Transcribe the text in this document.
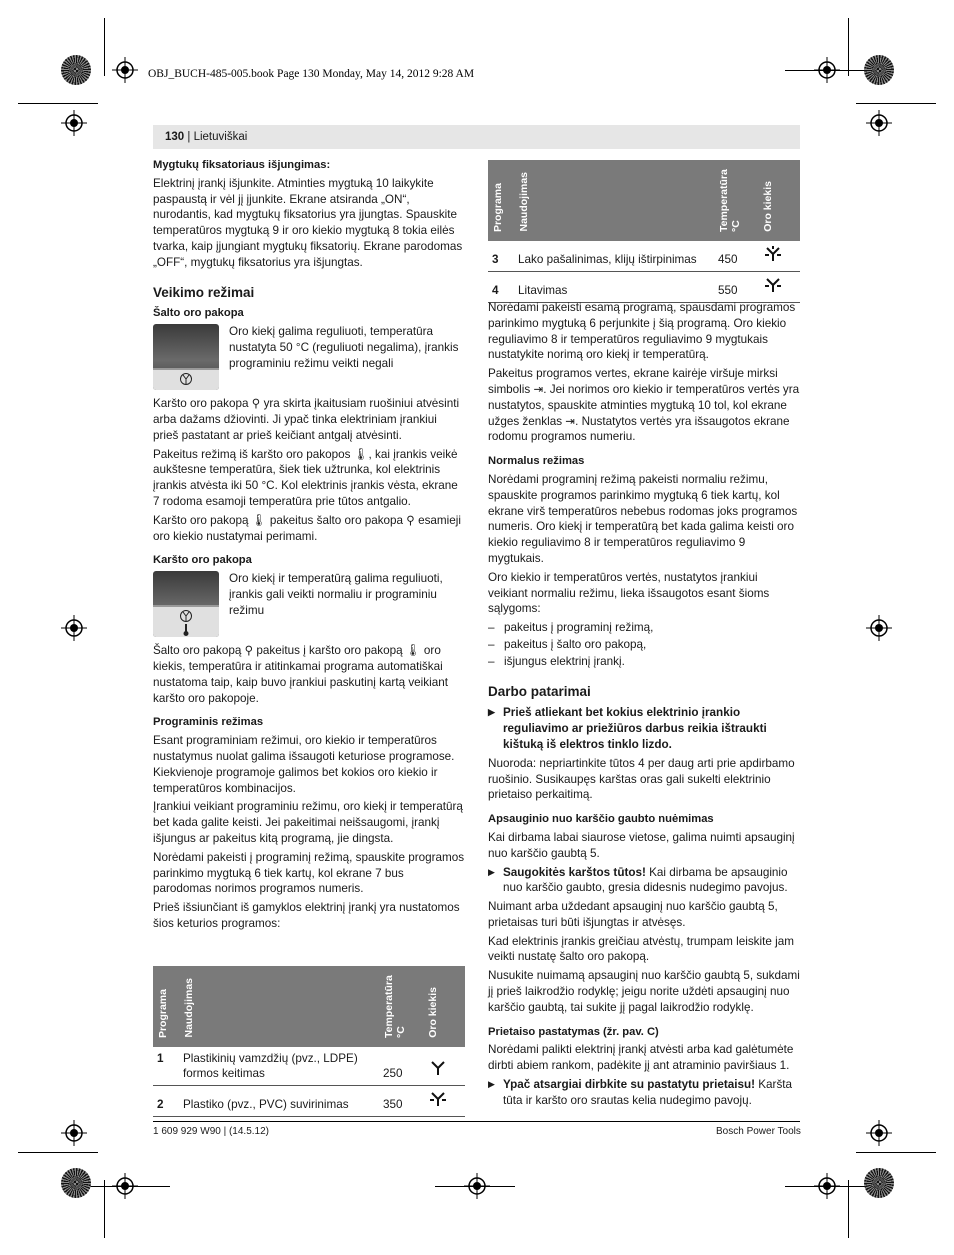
OBJ_BUCH-485-005.book Page 130 Monday, May 14, 2012 9:28 AM
130 | Lietuviškai
Mygtukų fiksatoriaus išjungimas:

Elektrinį įrankį išjunkite. Atminties mygtuką 10 laikykite paspaustą ir vėl jį įjunkite. Ekrane atsiranda „ON“, nurodantis, kad mygtukų fiksatorius yra įjungtas. Spauskite temperatūros mygtuką 9 ir oro kiekio mygtuką 8 tokia eilės tvarka, kaip įjungiant mygtukų fiksatorių. Ekrane parodomas „OFF“, mygtukų fiksatorius yra išjungtas.

Veikimo režimai
Šalto oro pakopa
Oro kiekį galima reguliuoti, temperatūra nustatyta 50 °C (reguliuoti negalima), įrankis programiniu režimu veikti negali

Karšto oro pakopa ⚲ yra skirta įkaitusiam ruošiniui atvėsinti arba dažams džiovinti. Ji ypač tinka elektriniam įrankiui prieš pastatant ar prieš keičiant antgalį atvėsinti.

Pakeitus režimą iš karšto oro pakopos 🌡, kai įrankis veikė aukštesne temperatūra, šiek tiek užtrunka, kol elektrinis įrankis atvėsta iki 50 °C. Kol elektrinis įrankis vėsta, ekrane 7 rodoma esamoji temperatūra prie tūtos antgalio.

Karšto oro pakopą 🌡 pakeitus šalto oro pakopa ⚲ esamieji oro kiekio nustatymai perimami.

Karšto oro pakopa
Oro kiekį ir temperatūrą galima reguliuoti, įrankis gali veikti normaliu ir programiniu režimu

Šalto oro pakopą ⚲ pakeitus į karšto oro pakopą 🌡 oro kiekis, temperatūra ir atitinkamai programa automatiškai nustatoma taip, kaip buvo įrankiui paskutinį kartą veikiant karšto oro pakopoje.

Programinis režimas

Esant programiniam režimui, oro kiekio ir temperatūros nustatymus nuolat galima išsaugoti keturiose programose. Kiekvienoje programoje galimos bet kokios oro kiekio ir temperatūros kombinacijos.

Įrankiui veikiant programiniu režimu, oro kiekį ir temperatūrą bet kada galite keisti. Jei pakeitimai neišsaugomi, įrankį išjungus ar pakeitus kitą programą, jie dingsta.

Norėdami pakeisti į programinį režimą, spauskite programos parinkimo mygtuką 6 tiek kartų, kol ekrane 7 bus parodomas norimos programos numeris.

Prieš išsiunčiant iš gamyklos elektrinį įrankį yra nustatomos šios keturios programos:

Programa	Naudojimas	Temperatūra °C	Oro kiekis
1	Plastikinių vamzdžių (pvz., LDPE) formos keitimas	250	
2	Plastiko (pvz., PVC) suvirinimas	350	
Programa	Naudojimas	Temperatūra °C	Oro kiekis
3	Lako pašalinimas, klijų ištirpinimas	450	
4	Litavimas	550	

Norėdami pakeisti esamą programą, spausdami programos parinkimo mygtuką 6 perjunkite į šią programą. Oro kiekio reguliavimo 8 ir temperatūros reguliavimo 9 mygtukais nustatykite norimą oro kiekį ir temperatūrą.

Pakeitus programos vertes, ekrane kairėje viršuje mirksi simbolis ⇥. Jei norimos oro kiekio ir temperatūros vertės yra nustatytos, spauskite atminties mygtuką 10 tol, kol ekrane užges ženklas ⇥. Nustatytos vertės yra išsaugotos ekrane rodomu programos numeriu.

Normalus režimas

Norėdami programinį režimą pakeisti normaliu režimu, spauskite programos parinkimo mygtuką 6 tiek kartų, kol ekrane virš temperatūros nebebus rodomas joks programos numeris. Oro kiekį ir temperatūrą bet kada galima keisti oro kiekio reguliavimo 8 ir temperatūros reguliavimo 9 mygtukais.

Oro kiekio ir temperatūros vertės, nustatytos įrankiui veikiant normaliu režimu, lieka išsaugotos esant šioms sąlygoms:

– pakeitus į programinį režimą,
– pakeitus į šalto oro pakopą,
– išjungus elektrinį įrankį.
Darbo patarimai

▶ Prieš atliekant bet kokius elektrinio įrankio reguliavimo ar priežiūros darbus reikia ištraukti kištuką iš elektros tinklo lizdo.

Nuoroda: nepriartinkite tūtos 4 per daug arti prie apdirbamo ruošinio. Susikaupęs karštas oras gali sukelti elektrinio prietaiso perkaitimą.

Apsauginio nuo karščio gaubto nuėmimas

Kai dirbama labai siaurose vietose, galima nuimti apsauginį nuo karščio gaubtą 5.

▶ Saugokitės karštos tūtos! Kai dirbama be apsauginio nuo karščio gaubto, gresia didesnis nudegimo pavojus.

Nuimant arba uždedant apsauginį nuo karščio gaubtą 5, prietaisas turi būti išjungtas ir atvėsęs.

Kad elektrinis įrankis greičiau atvėstų, trumpam leiskite jam veikti nustatę šalto oro pakopą.

Nusukite nuimamą apsauginį nuo karščio gaubtą 5, sukdami jį prieš laikrodžio rodyklę; jeigu norite uždėti apsauginį nuo karščio gaubtą, tai sukite jį pagal laikrodžio rodyklę.

Prietaiso pastatymas (žr. pav. C)

Norėdami palikti elektrinį įrankį atvėsti arba kad galėtumėte dirbti abiem rankom, padėkite jį ant atraminio paviršiaus 1.

▶ Ypač atsargiai dirbkite su pastatytu prietaisu! Karšta tūta ir karšto oro srautas kelia nudegimo pavojų.

1 609 929 W90 | (14.5.12)	Bosch Power Tools
